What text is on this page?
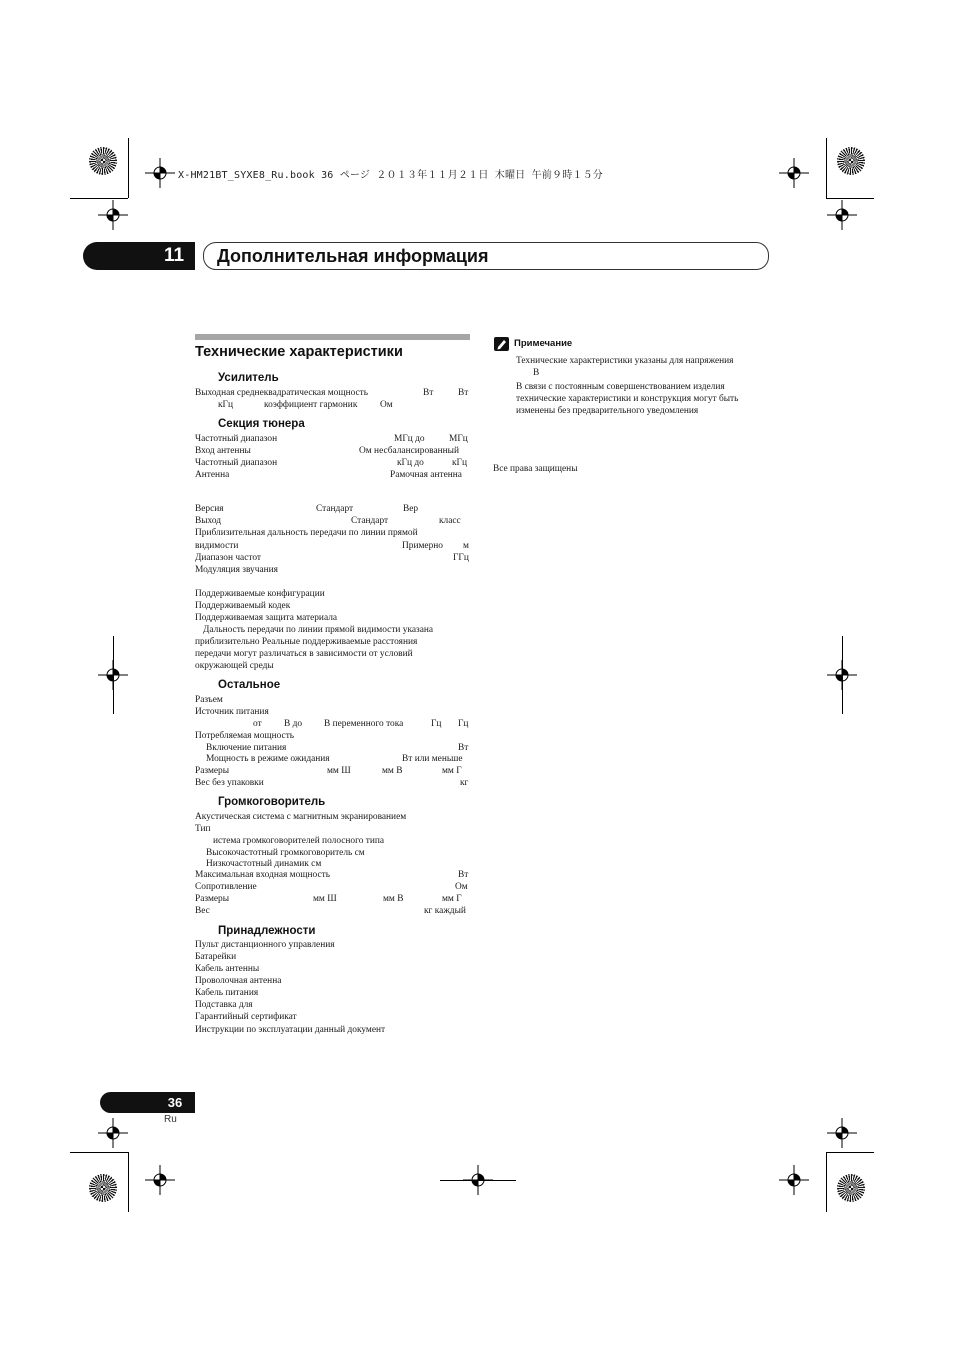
X-HM21BT_SYXE8_Ru.book 36 ページ ２０１３年１１月２１日 木曜日 午前９時１５分
11	Дополнительная информация
Технические характеристики
Усилитель
Выходная среднеквадратическая мощность	Вт	Вт
кГц	коэффициент гармоник Ом
Секция тюнера
Частотный диапазон	МГц до	МГц
Вход антенны	Ом несбалансированный
Частотный диапазон	кГц до	кГц
Антенна	Рамочная антенна
Версия	Стандарт	Вер
Выход	Стандарт	класс
Приблизительная дальность передачи по линии прямой
видимости	Примерно м
Диапазон частот	ГГц
Модуляция звучания
Поддерживаемые конфигурации
Поддерживаемый кодек
Поддерживаемая защита материала
Дальность передачи по линии прямой видимости указана
приблизительно Реальные поддерживаемые расстояния
передачи могут различаться в зависимости от условий
окружающей среды
Остальное
Разъем
Источник питания
от В до В переменного тока	Гц Гц
Потребляемая мощность
Включение питания	Вт
Мощность в режиме ожидания	Вт или меньше
Размеры	мм Ш	мм В	мм Г
Вес без упаковки	кг
Громкоговоритель
Акустическая система с магнитным экранированием
Тип
истема громкоговорителей полосного типа
Высокочастотный громкоговоритель см
Низкочастотный динамик см
Максимальная входная мощность	Вт
Сопротивление	Ом
Размеры	мм Ш	мм В	мм Г
Вес	кг каждый
Принадлежности
Пульт дистанционного управления
Батарейки
Кабель антенны
Проволочная антенна
Кабель питания
Подставка для
Гарантийный сертификат
Инструкции по эксплуатации данный документ
Примечание
Технические характеристики указаны для напряжения
В
В связи с постоянным совершенствованием изделия
технические характеристики и конструкция могут быть
изменены без предварительного уведомления
Все права защищены
36
Ru
